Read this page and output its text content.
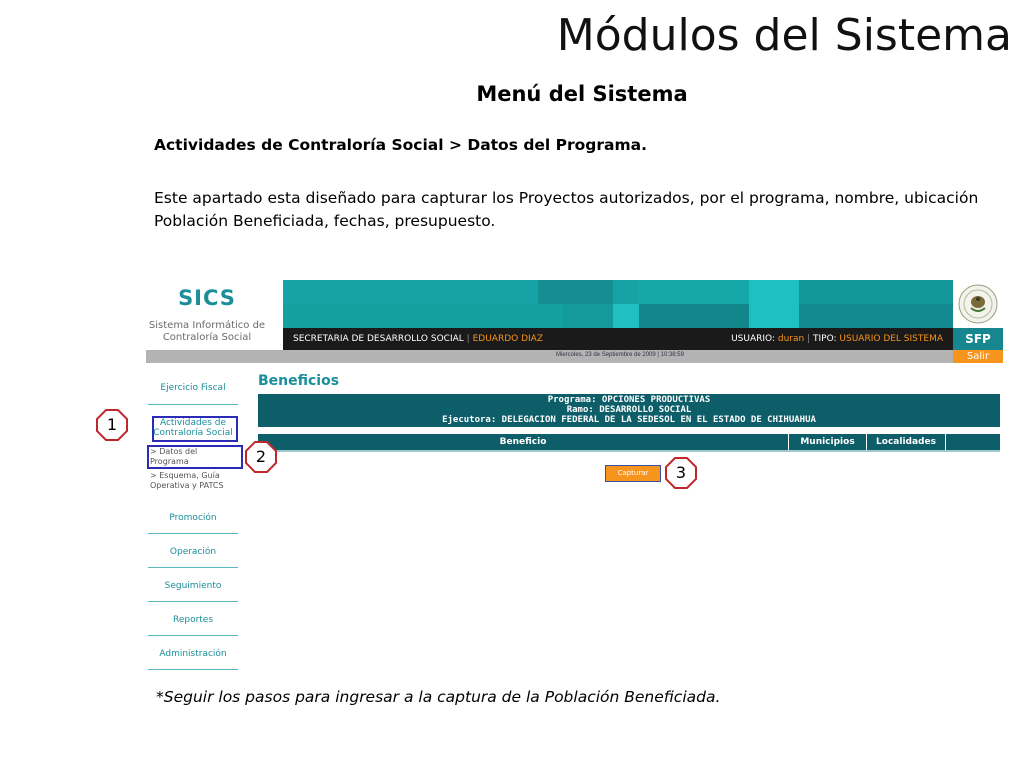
Módulos del Sistema
Menú del Sistema
Actividades de Contraloría Social > Datos del Programa.
Este apartado esta diseñado para capturar los Proyectos autorizados, por el programa, nombre, ubicación Población Beneficiada, fechas, presupuesto.
*Seguir los pasos para ingresar a la captura de la Población Beneficiada.
SICS
Sistema Informático de
Contraloría Social	SECRETARIA DE DESARROLLO SOCIAL | EDUARDO DIAZ	USUARIO: duran | TIPO: USUARIO DEL SISTEMA	SFP
Miercoles, 23 de Septiembre de 2009 | 10:38:59	Salir
Ejercicio Fiscal
Actividades de Contraloría Social
> Datos del Programa
> Esquema, Guía Operativa y PATCS
Promoción
Operación
Seguimiento
Reportes
Administración
Beneficios
Programa: OPCIONES PRODUCTIVAS
Ramo: DESARROLLO SOCIAL
Ejecutora: DELEGACION FEDERAL DE LA SEDESOL EN EL ESTADO DE CHIHUAHUA
Beneficio	Municipios	Localidades
Capturar
1
2
3
